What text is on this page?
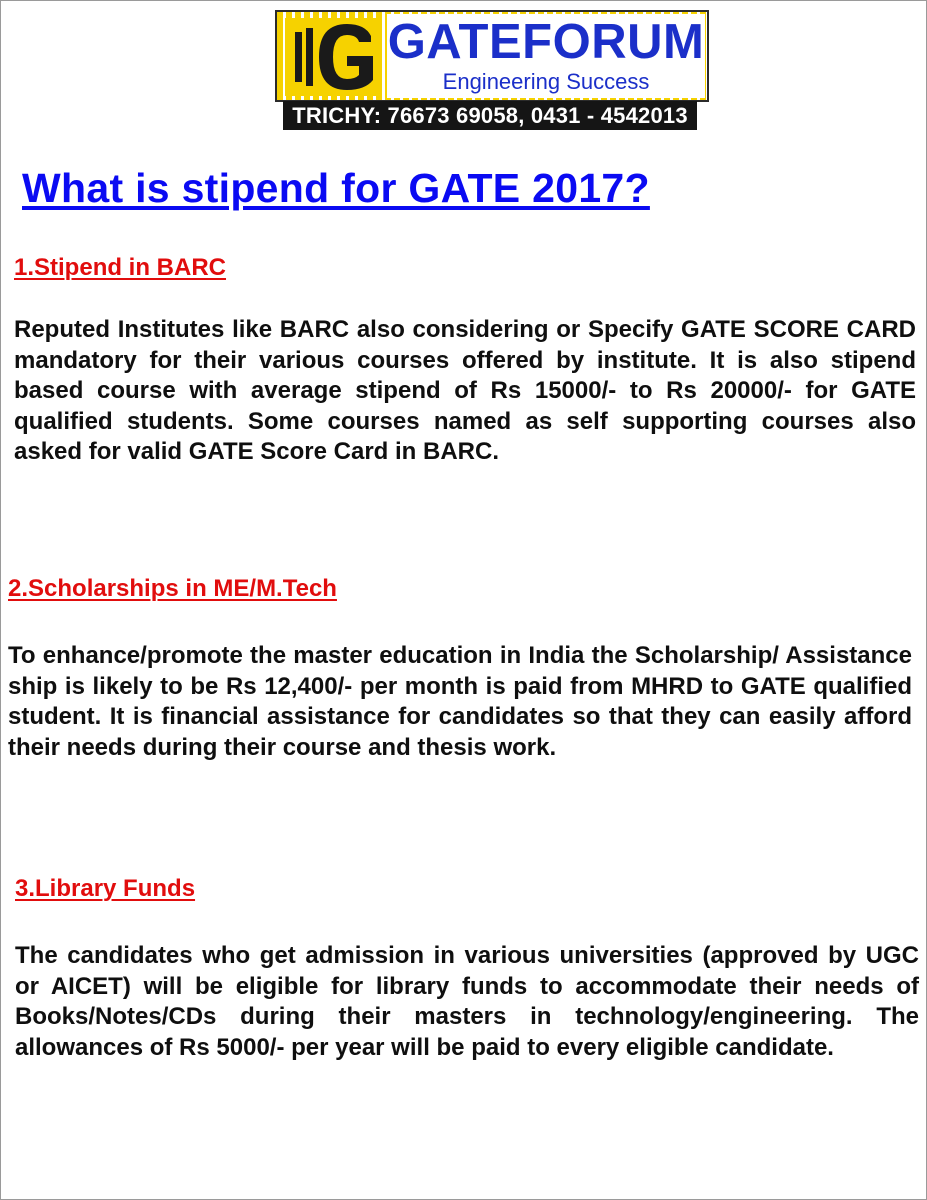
GATEFORUM
Engineering Success
TRICHY: 76673 69058, 0431 - 4542013
What is stipend for GATE 2017?
1.Stipend in BARC

Reputed Institutes like BARC also considering or Specify GATE SCORE CARD mandatory for their various courses offered by institute. It is also stipend based course with average stipend of Rs 15000/- to Rs 20000/- for GATE qualified students. Some courses named as self supporting courses also asked for valid GATE Score Card in BARC.

2.Scholarships in ME/M.Tech

To enhance/promote the master education in India the Scholarship/ Assistance ship is likely to be Rs 12,400/- per month is paid from MHRD to GATE qualified student. It is financial assistance for candidates so that they can easily afford their needs during their course and thesis work.

3.Library Funds

The candidates who get admission in various universities (approved by UGC or AICET) will be eligible for library funds to accommodate their needs of Books/Notes/CDs during their masters in technology/engineering. The allowances of Rs 5000/- per year will be paid to every eligible candidate.
